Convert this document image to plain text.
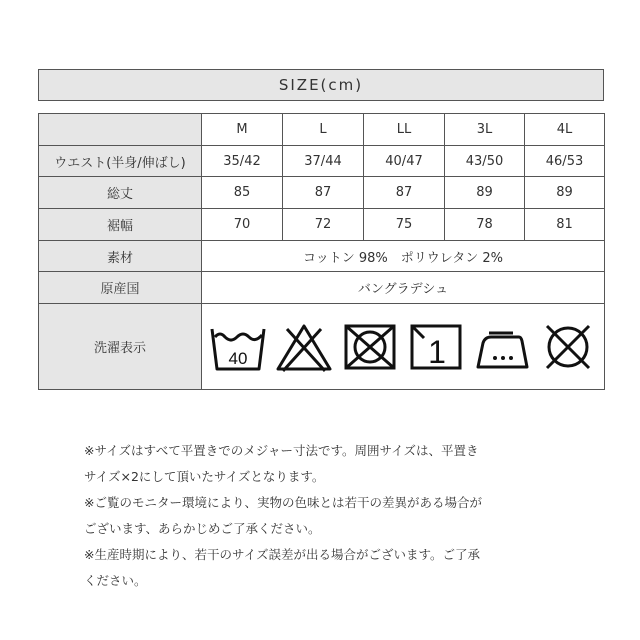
SIZE(cm)
	M	L	LL	3L	4L
ウエスト(半身/伸ばし)	35/42	37/44	40/47	43/50	46/53
総丈	85	87	87	89	89
裾幅	70	72	75	78	81
素材	コットン 98%　ポリウレタン 2%				
原産国	バングラデシュ				
洗濯表示	40 1				

※サイズはすべて平置きでのメジャー寸法です。周囲サイズは、平置き

サイズ×2にして頂いたサイズとなります。

※ご覧のモニター環境により、実物の色味とは若干の差異がある場合が

ございます、あらかじめご了承ください。

※生産時期により、若干のサイズ誤差が出る場合がございます。ご了承

ください。
